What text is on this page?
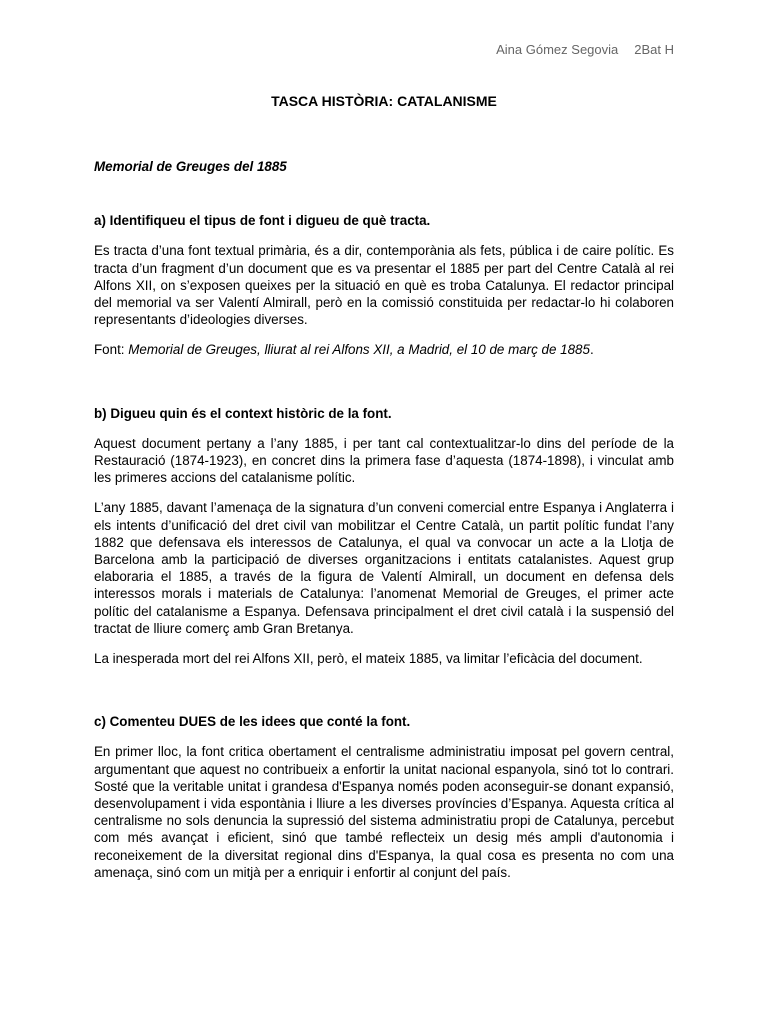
Aina Gómez Segovia 2Bat H
TASCA HISTÒRIA: CATALANISME
Memorial de Greuges del 1885
a) Identifiqueu el tipus de font i digueu de què tracta.

Es tracta d’una font textual primària, és a dir, contemporània als fets, pública i de caire polític. Es tracta d’un fragment d’un document que es va presentar el 1885 per part del Centre Català al rei Alfons XII, on s’exposen queixes per la situació en què es troba Catalunya. El redactor principal del memorial va ser Valentí Almirall, però en la comissió constituida per redactar-lo hi colaboren representants d’ideologies diverses.

Font: Memorial de Greuges, lliurat al rei Alfons XII, a Madrid, el 10 de març de 1885.

b) Digueu quin és el context històric de la font.

Aquest document pertany a l’any 1885, i per tant cal contextualitzar-lo dins del període de la Restauració (1874-1923), en concret dins la primera fase d’aquesta (1874-1898), i vinculat amb les primeres accions del catalanisme polític.

L’any 1885, davant l’amenaça de la signatura d’un conveni comercial entre Espanya i Anglaterra i els intents d’unificació del dret civil van mobilitzar el Centre Català, un partit polític fundat l’any 1882 que defensava els interessos de Catalunya, el qual va convocar un acte a la Llotja de Barcelona amb la participació de diverses organitzacions i entitats catalanistes. Aquest grup elaboraria el 1885, a través de la figura de Valentí Almirall, un document en defensa dels interessos morals i materials de Catalunya: l’anomenat Memorial de Greuges, el primer acte polític del catalanisme a Espanya. Defensava principalment el dret civil català i la suspensió del tractat de lliure comerç amb Gran Bretanya.

La inesperada mort del rei Alfons XII, però, el mateix 1885, va limitar l’eficàcia del document.

c) Comenteu DUES de les idees que conté la font.

En primer lloc, la font critica obertament el centralisme administratiu imposat pel govern central, argumentant que aquest no contribueix a enfortir la unitat nacional espanyola, sinó tot lo contrari. Sosté que la veritable unitat i grandesa d'Espanya només poden aconseguir-se donant expansió, desenvolupament i vida espontània i lliure a les diverses províncies d’Espanya. Aquesta crítica al centralisme no sols denuncia la supressió del sistema administratiu propi de Catalunya, percebut com més avançat i eficient, sinó que també reflecteix un desig més ampli d'autonomia i reconeixement de la diversitat regional dins d'Espanya, la qual cosa es presenta no com una amenaça, sinó com un mitjà per a enriquir i enfortir al conjunt del país.
